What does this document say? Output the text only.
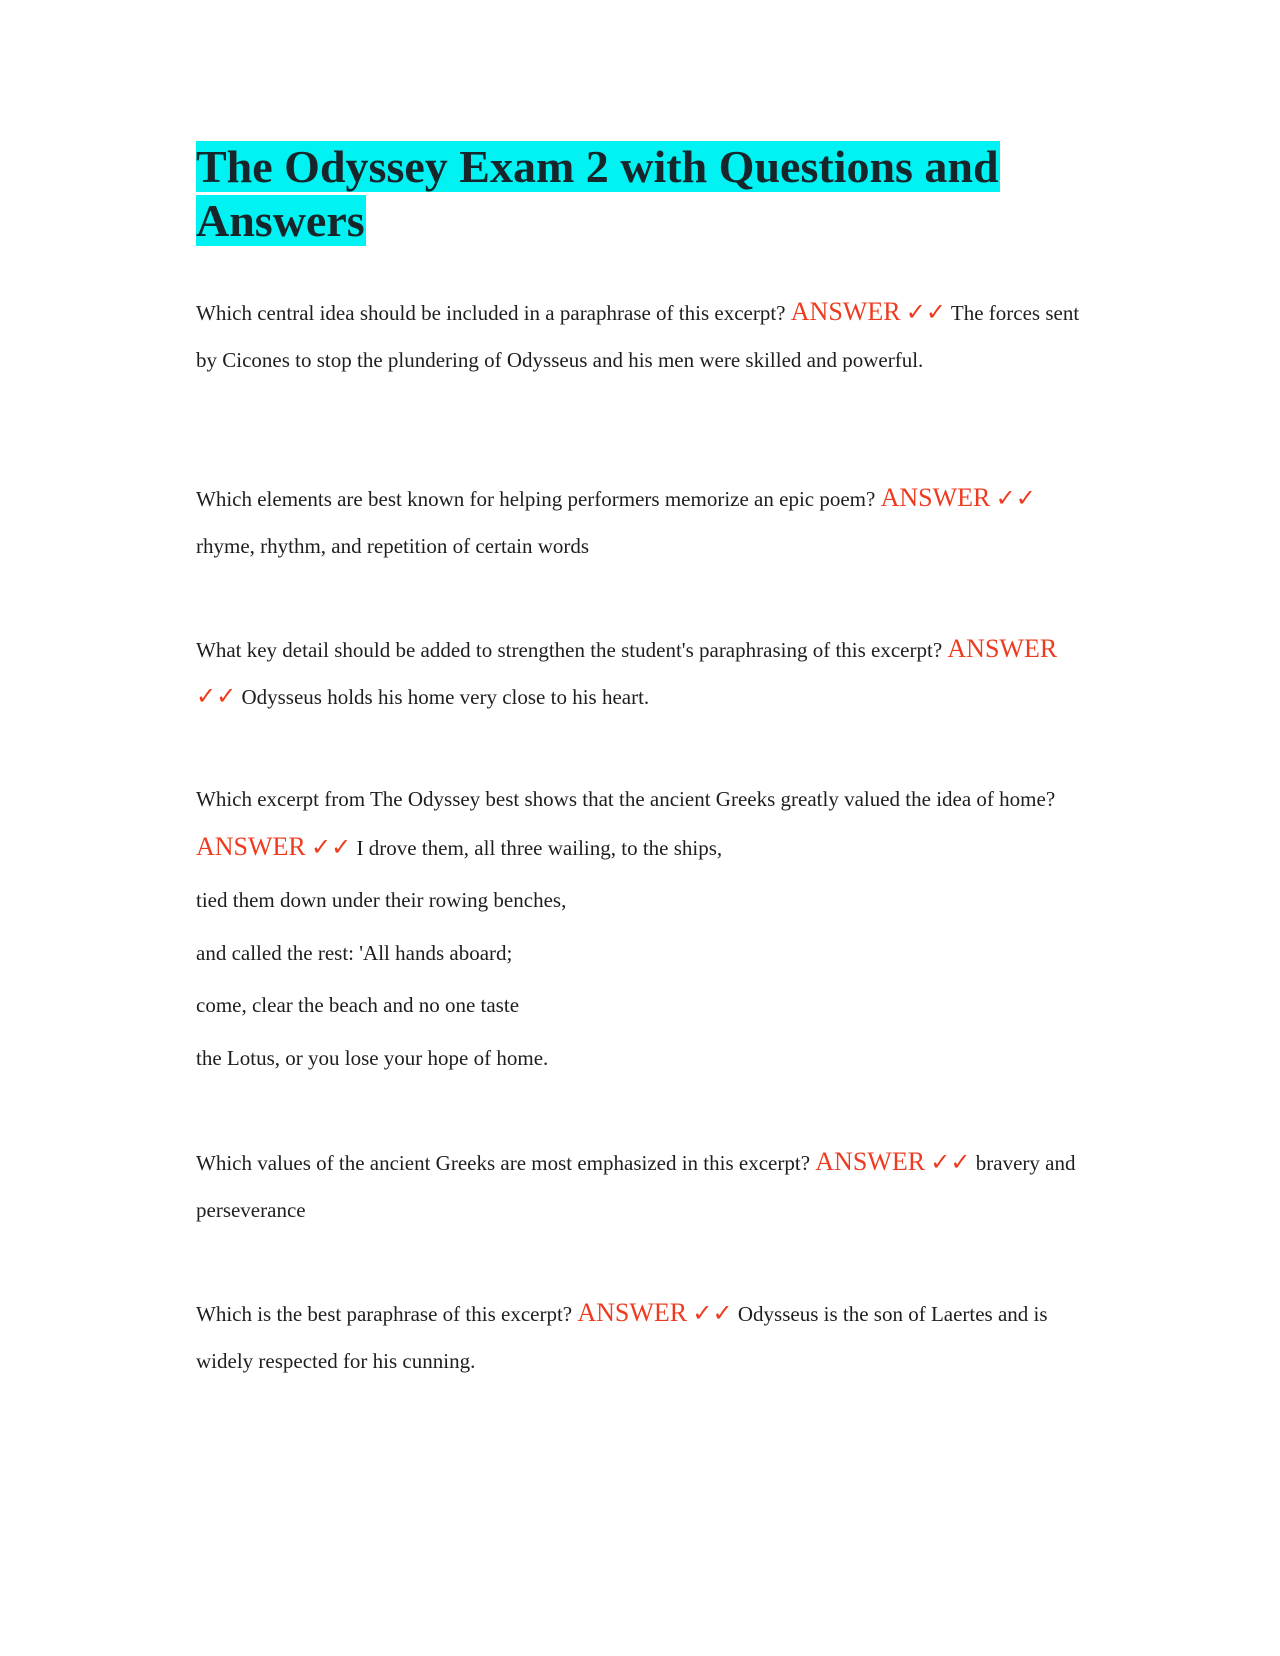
The Odyssey Exam 2 with Questions and Answers

Which central idea should be included in a paraphrase of this excerpt? ANSWER ✓✓ The forces sent by Cicones to stop the plundering of Odysseus and his men were skilled and powerful.

Which elements are best known for helping performers memorize an epic poem? ANSWER ✓✓ rhyme, rhythm, and repetition of certain words

What key detail should be added to strengthen the student's paraphrasing of this excerpt? ANSWER ✓✓ Odysseus holds his home very close to his heart.

Which excerpt from The Odyssey best shows that the ancient Greeks greatly valued the idea of home? ANSWER ✓✓ I drove them, all three wailing, to the ships,

tied them down under their rowing benches,
and called the rest: 'All hands aboard;
come, clear the beach and no one taste
the Lotus, or you lose your hope of home.

Which values of the ancient Greeks are most emphasized in this excerpt? ANSWER ✓✓ bravery and perseverance

Which is the best paraphrase of this excerpt? ANSWER ✓✓ Odysseus is the son of Laertes and is widely respected for his cunning.
